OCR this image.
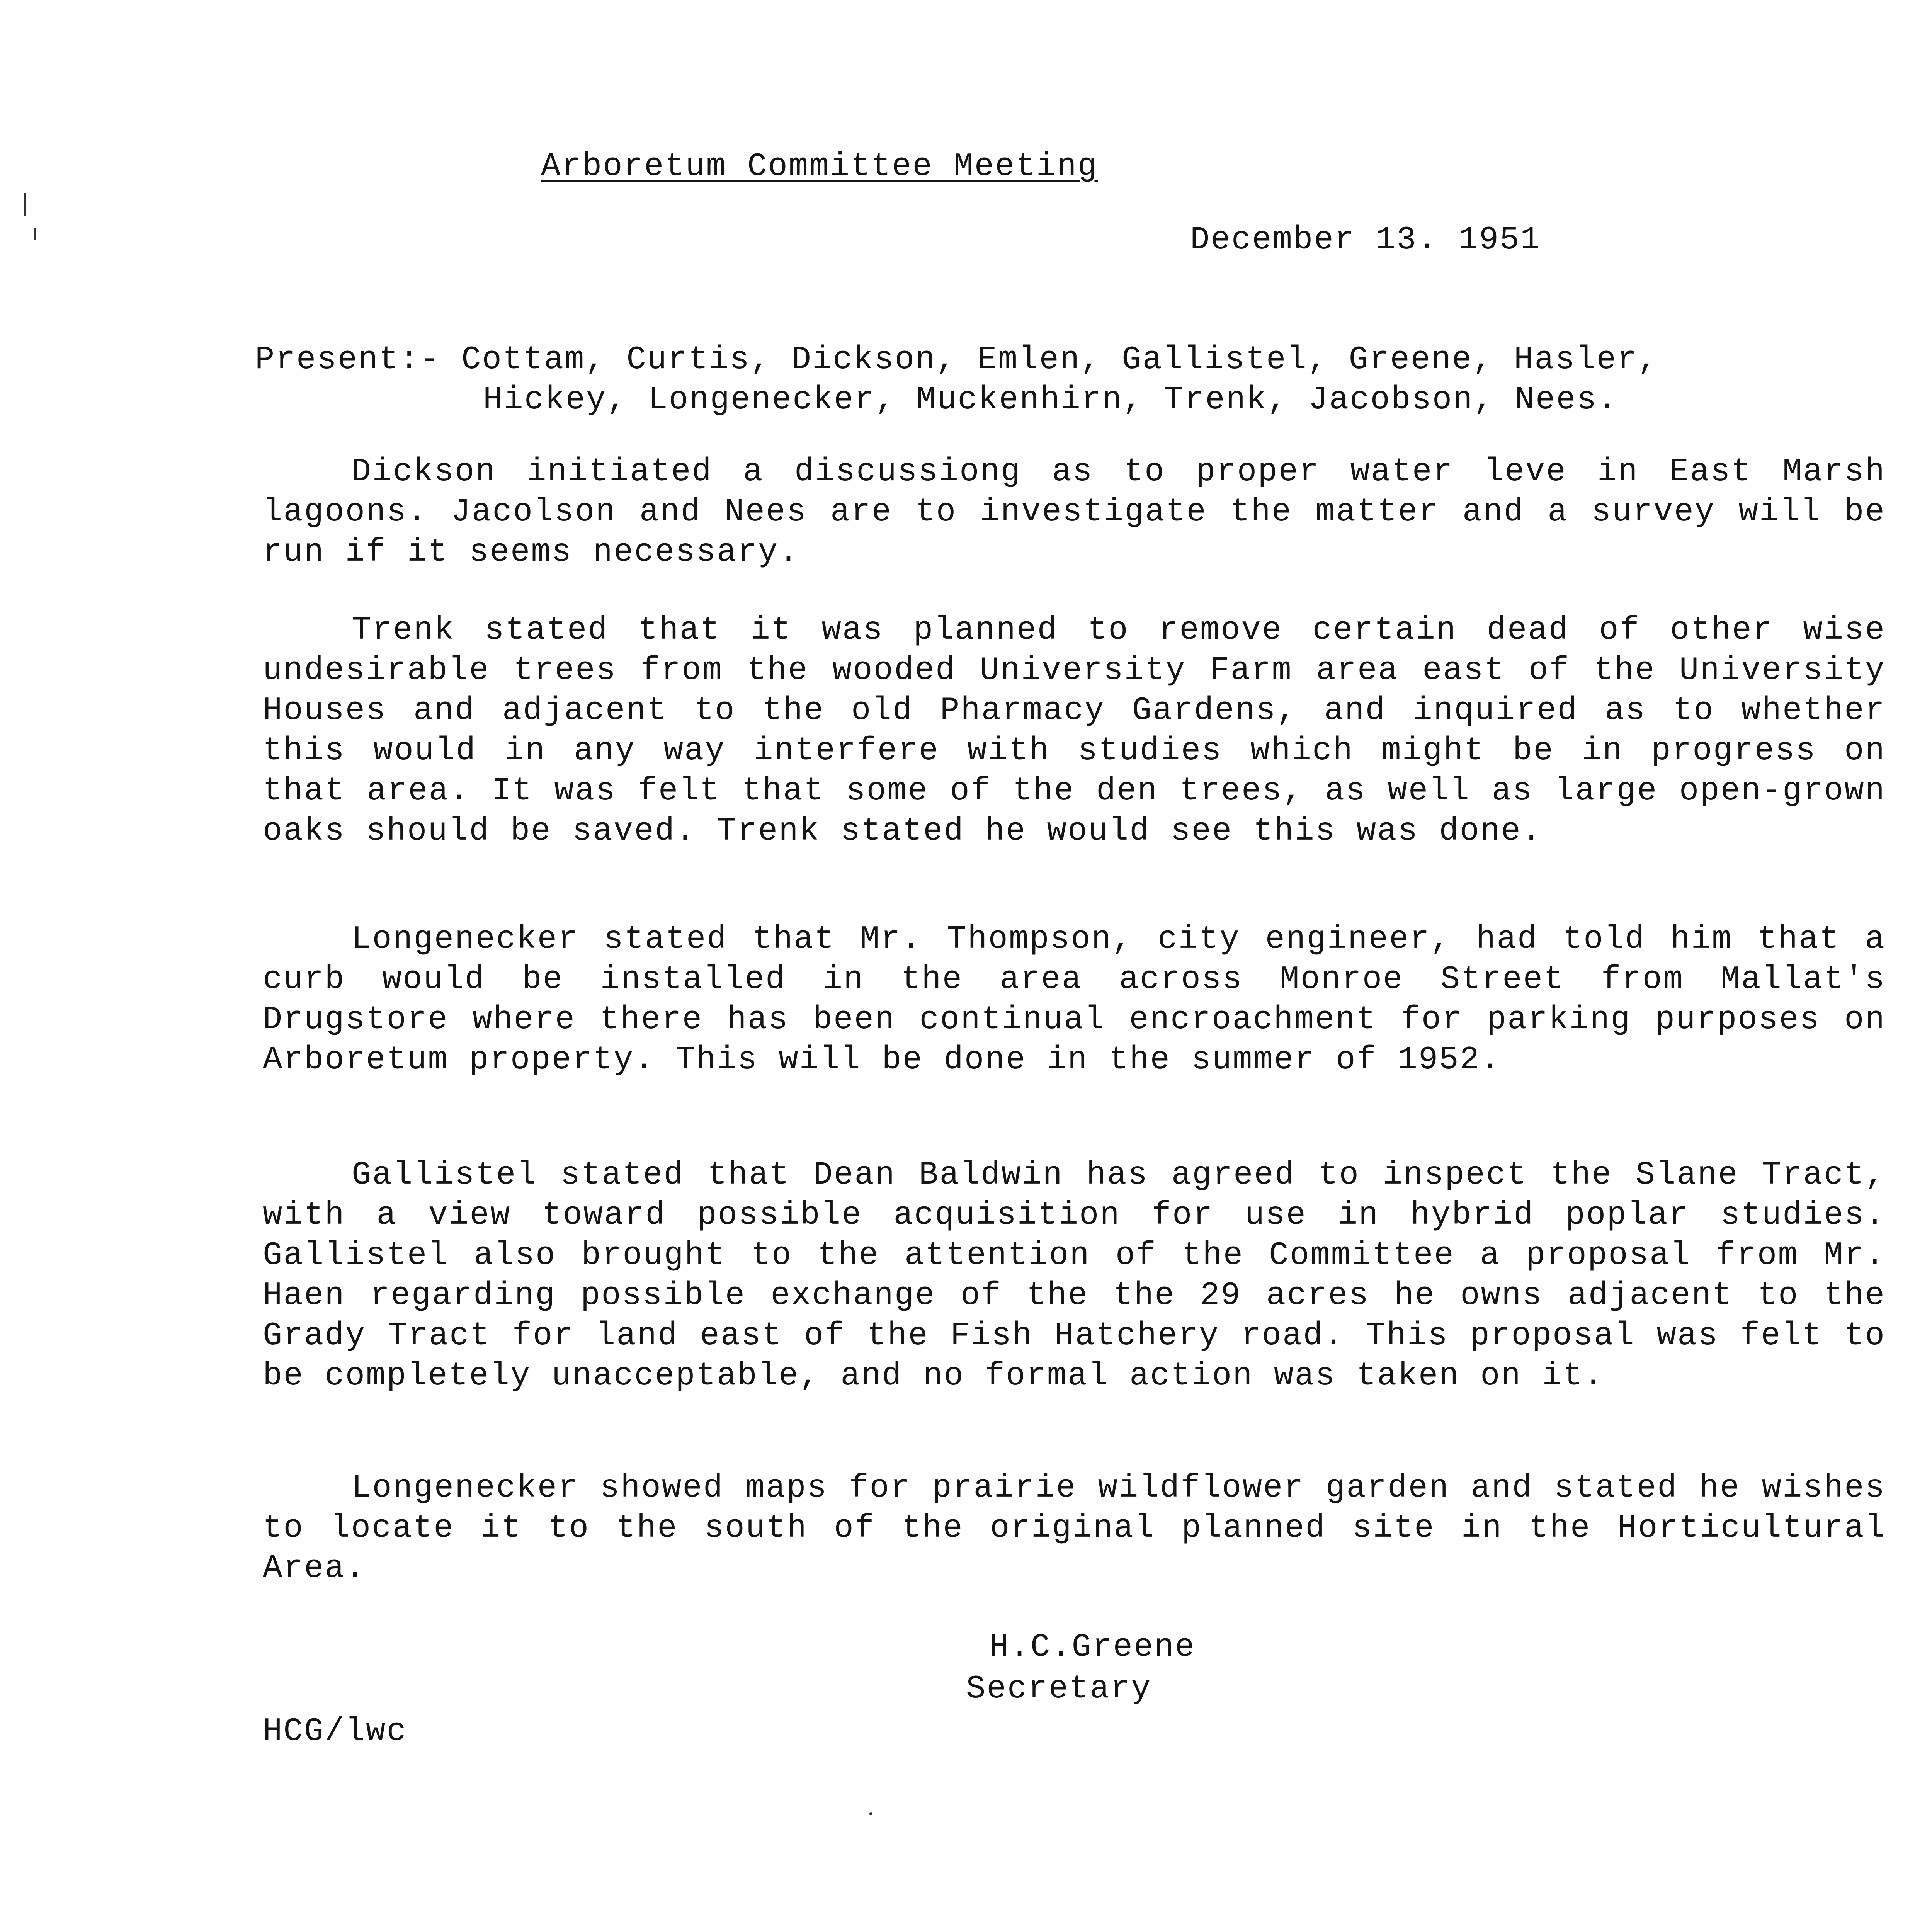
Arboretum Committee Meeting
December 13. 1951
Present:- Cottam, Curtis, Dickson, Emlen, Gallistel, Greene, Hasler,
Hickey, Longenecker, Muckenhirn, Trenk, Jacobson, Nees.
Dickson initiated a discussiong as to proper water leve in East Marsh lagoons. Jacolson and Nees are to investigate the matter and a survey will be run if it seems necessary.
Trenk stated that it was planned to remove certain dead of other wise undesirable trees from the wooded University Farm area east of the University Houses and adjacent to the old Pharmacy Gardens, and inquired as to whether this would in any way interfere with studies which might be in progress on that area. It was felt that some of the den trees, as well as large open-grown oaks should be saved. Trenk stated he would see this was done.
Longenecker stated that Mr. Thompson, city engineer, had told him that a curb would be installed in the area across Monroe Street from Mallat's Drugstore where there has been continual encroachment for parking purposes on Arboretum property. This will be done in the summer of 1952.
Gallistel stated that Dean Baldwin has agreed to inspect the Slane Tract, with a view toward possible acquisition for use in hybrid poplar studies. Gallistel also brought to the attention of the Committee a proposal from Mr. Haen regarding possible exchange of the the 29 acres he owns adjacent to the Grady Tract for land east of the Fish Hatchery road. This proposal was felt to be completely unacceptable, and no formal action was taken on it.
Longenecker showed maps for prairie wildflower garden and stated he wishes to locate it to the south of the original planned site in the Horticultural Area.
H.C.Greene
Secretary
HCG/lwc
